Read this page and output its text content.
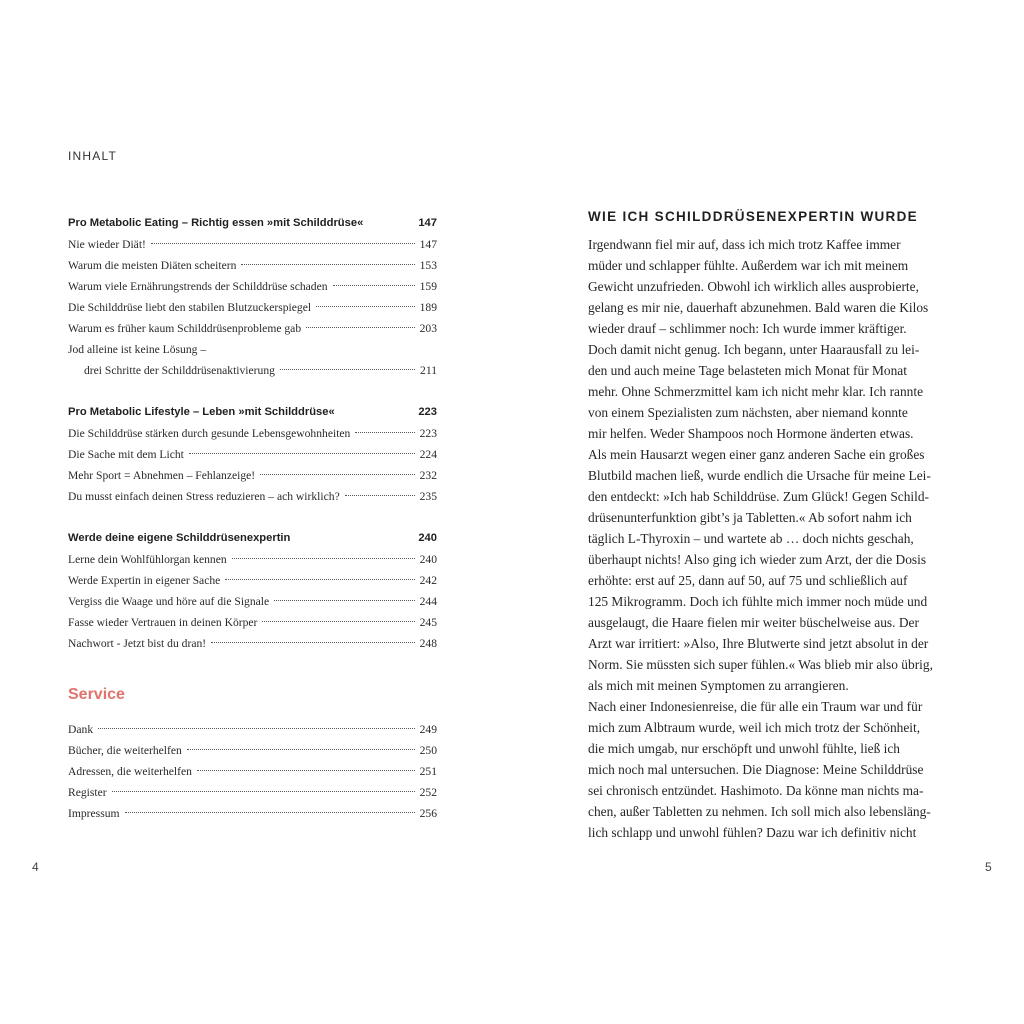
INHALT
Pro Metabolic Eating – Richtig essen »mit Schilddrüse«	147
Nie wieder Diät!	147
Warum die meisten Diäten scheitern	153
Warum viele Ernährungstrends der Schilddrüse schaden	159
Die Schilddrüse liebt den stabilen Blutzuckerspiegel	189
Warum es früher kaum Schilddrüsenprobleme gab	203
Jod alleine ist keine Lösung –
drei Schritte der Schilddrüsenaktivierung	211
Pro Metabolic Lifestyle – Leben »mit Schilddrüse«	223
Die Schilddrüse stärken durch gesunde Lebensgewohnheiten	223
Die Sache mit dem Licht	224
Mehr Sport = Abnehmen – Fehlanzeige!	232
Du musst einfach deinen Stress reduzieren – ach wirklich?	235
Werde deine eigene Schilddrüsenexpertin	240
Lerne dein Wohlfühlorgan kennen	240
Werde Expertin in eigener Sache	242
Vergiss die Waage und höre auf die Signale	244
Fasse wieder Vertrauen in deinen Körper	245
Nachwort - Jetzt bist du dran!	248
Service
Dank	249
Bücher, die weiterhelfen	250
Adressen, die weiterhelfen	251
Register	252
Impressum	256
4
WIE ICH SCHILDDRÜSENEXPERTIN WURDE
Irgendwann fiel mir auf, dass ich mich trotz Kaffee immer
müder und schlapper fühlte. Außerdem war ich mit meinem
Gewicht unzufrieden. Obwohl ich wirklich alles ausprobierte,
gelang es mir nie, dauerhaft abzunehmen. Bald waren die Kilos
wieder drauf – schlimmer noch: Ich wurde immer kräftiger.
Doch damit nicht genug. Ich begann, unter Haarausfall zu lei-
den und auch meine Tage belasteten mich Monat für Monat
mehr. Ohne Schmerzmittel kam ich nicht mehr klar. Ich rannte
von einem Spezialisten zum nächsten, aber niemand konnte
mir helfen. Weder Shampoos noch Hormone änderten etwas.
Als mein Hausarzt wegen einer ganz anderen Sache ein großes
Blutbild machen ließ, wurde endlich die Ursache für meine Lei-
den entdeckt: »Ich hab Schilddrüse. Zum Glück! Gegen Schild-
drüsenunterfunktion gibt’s ja Tabletten.« Ab sofort nahm ich
täglich L-Thyroxin – und wartete ab … doch nichts geschah,
überhaupt nichts! Also ging ich wieder zum Arzt, der die Dosis
erhöhte: erst auf 25, dann auf 50, auf 75 und schließlich auf
125 Mikrogramm. Doch ich fühlte mich immer noch müde und
ausgelaugt, die Haare fielen mir weiter büschelweise aus. Der
Arzt war irritiert: »Also, Ihre Blutwerte sind jetzt absolut in der
Norm. Sie müssten sich super fühlen.« Was blieb mir also übrig,
als mich mit meinen Symptomen zu arrangieren.
Nach einer Indonesienreise, die für alle ein Traum war und für
mich zum Albtraum wurde, weil ich mich trotz der Schönheit,
die mich umgab, nur erschöpft und unwohl fühlte, ließ ich
mich noch mal untersuchen. Die Diagnose: Meine Schilddrüse
sei chronisch entzündet. Hashimoto. Da könne man nichts ma-
chen, außer Tabletten zu nehmen. Ich soll mich also lebensläng-
lich schlapp und unwohl fühlen? Dazu war ich definitiv nicht
5
